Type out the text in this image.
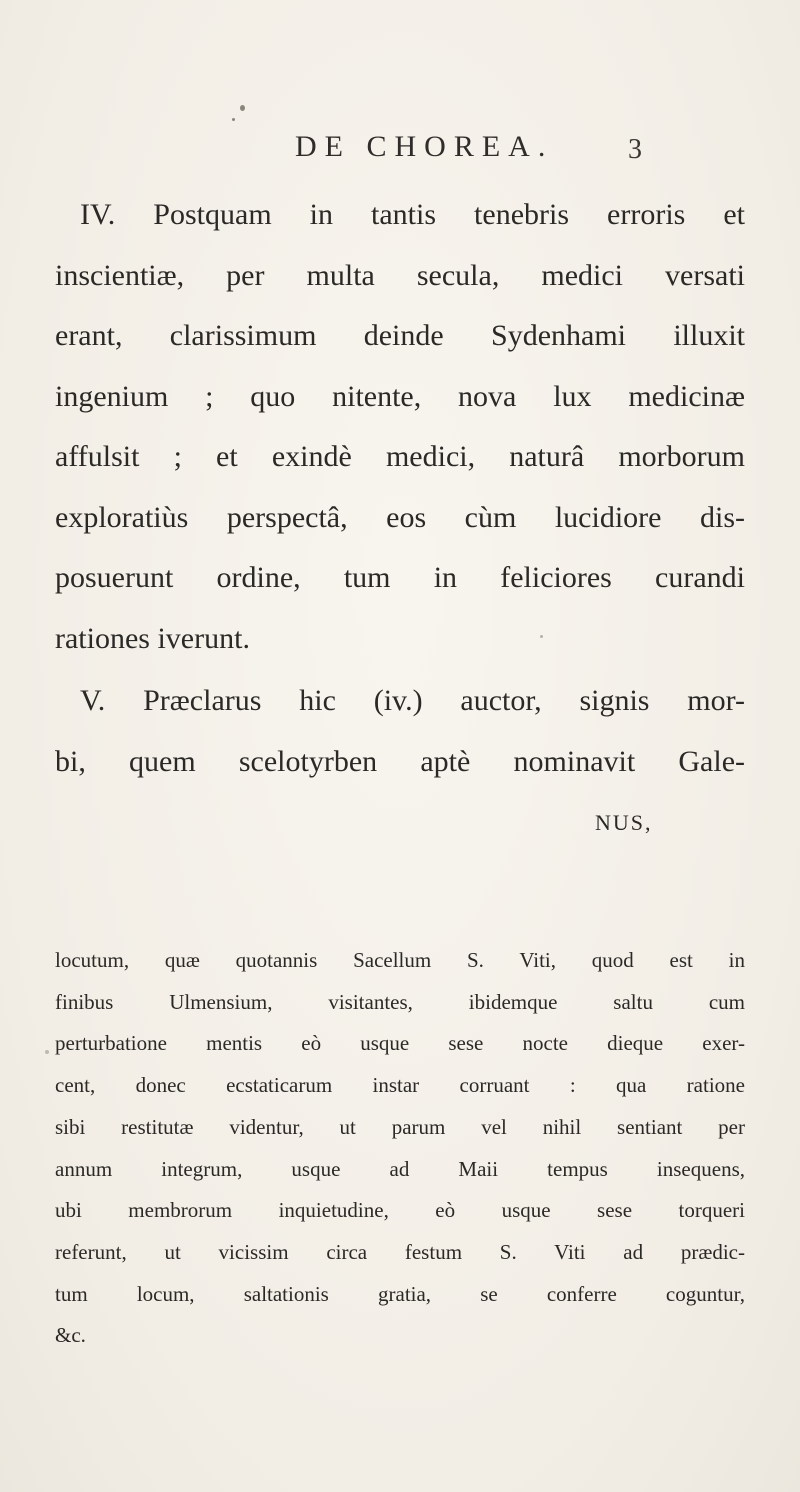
DE CHOREA.	3
IV. Postquam in tantis tenebris erroris et
inscientiæ, per multa secula, medici versati
erant, clarissimum deinde Sydenhami illuxit
ingenium ; quo nitente, nova lux medicinæ
affulsit ; et exindè medici, naturâ morborum
exploratiùs perspectâ, eos cùm lucidiore dis-
posuerunt ordine, tum in feliciores curandi
rationes iverunt.
V. Præclarus hic (iv.) auctor, signis mor-
bi, quem scelotyrben aptè nominavit Gale-
NUS,
locutum, quæ quotannis Sacellum S. Viti, quod est in
finibus Ulmensium, visitantes, ibidemque saltu cum
perturbatione mentis eò usque sese nocte dieque exer-
cent, donec ecstaticarum instar corruant : qua ratione
sibi restitutæ videntur, ut parum vel nihil sentiant per
annum integrum, usque ad Maii tempus insequens,
ubi membrorum inquietudine, eò usque sese torqueri
referunt, ut vicissim circa festum S. Viti ad prædic-
tum locum, saltationis gratia, se conferre coguntur,
&c.
